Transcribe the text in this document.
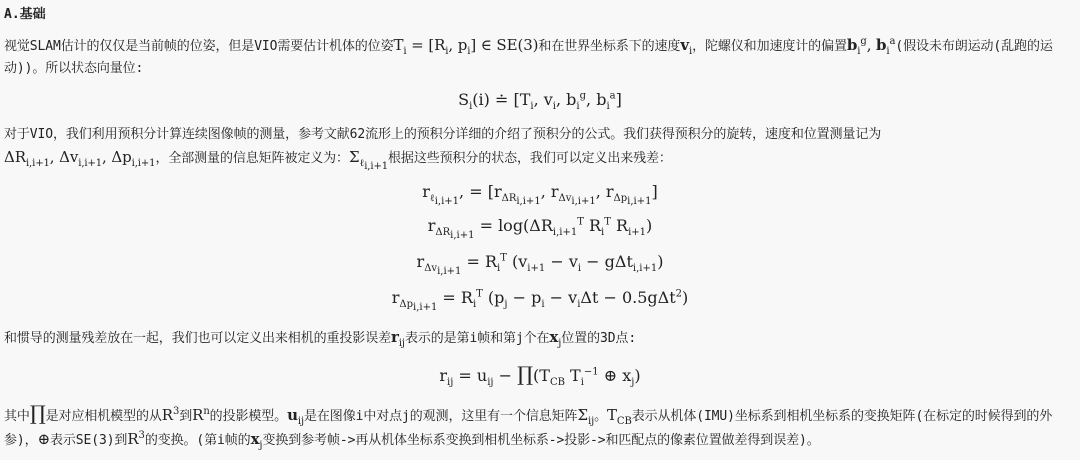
A.基础
视觉SLAM估计的仅仅是当前帧的位姿，但是VIO需要估计机体的位姿$T_i = [R_i$, $p_i$] ∈ SE(3)和在世界坐标系下的速度$v_i$，陀螺仪和加速度计的偏置$b_i^g$, $b_i^a$(假设未布朗运动(乱跑的运动))。所以状态向量位:
$S_i(i)$ ≐ [$T_i$, $v_i$, $b_i^g$, $b_i^a$]
对于VIO，我们利用预积分计算连续图像帧的测量，参考文献62流形上的预积分详细的介绍了预积分的公式。我们获得预积分的旋转，速度和位置测量记为
$\Delta R_{i,i+1}$, $\Delta v_{i,i+1}$, $\Delta p_{i,i+1}$，全部测量的信息矩阵被定义为：$\Sigma_{\ell_{i,i+1}}$根据这些预积分的状态，我们可以定义出来残差：
$r_{\ell_{i,i+1}}$, = [$r_{\Delta R_{i,i+1}}$, $r_{\Delta v_{i,i+1}}$, $r_{\Delta p_{i,i+1}}$]
$r_{\Delta R_{i,i+1}} = \log(\Delta R_{i,i+1}^T$ $R_i^T$ $R_{i+1}$)
$r_{\Delta v_{i,i+1}} = R_i^T$ $(v_{i+1} - v_i - g\Delta t_{i,i+1})$
$r_{\Delta p_{i,i+1}} = R_i^T$ $(p_j - p_i - v_i\Delta t - 0.5g\Delta t^2)$
和惯导的测量残差放在一起，我们也可以定义出来相机的重投影误差$r_{ij}$表示的是第i帧和第j个在$x_j$位置的3D点:
$r_{ij} = u_{ij}$ − $\prod(T_{CB}$ $T_i^{-1}$ ⊕ $x_j$)
其中∏是对应相机模型的从$R^3$到$R^n$的投影模型。$u_{ij}$是在图像i中对点j的观测，这里有一个信息矩阵$\Sigma_{ij}$。$T_{CB}$表示从机体(IMU)坐标系到相机坐标系的变换矩阵(在标定的时候得到的外参)，⊕表示SE(3)到$R^3$的变换。(第i帧的$x_j$变换到参考帧->再从机体坐标系变换到相机坐标系->投影->和匹配点的像素位置做差得到误差)。
